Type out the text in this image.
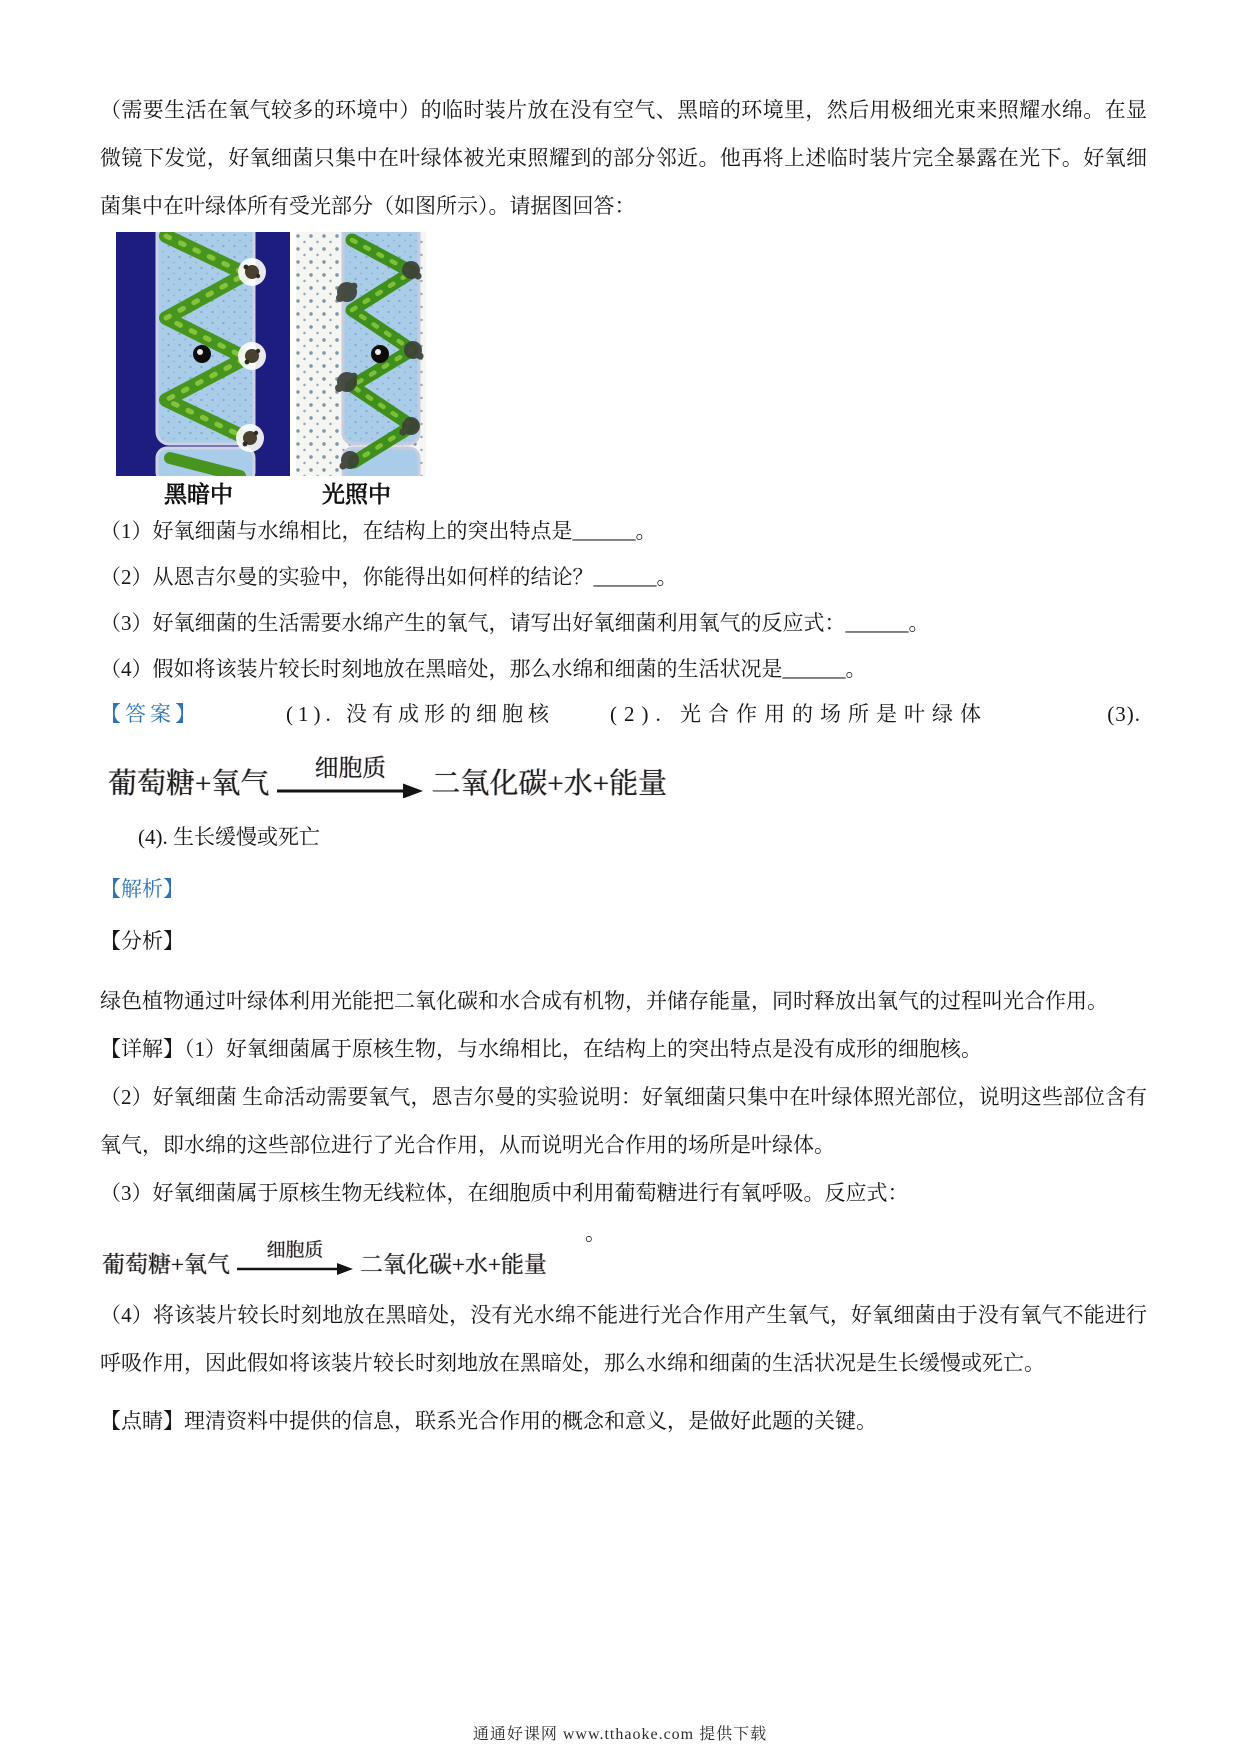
（需要生活在氧气较多的环境中）的临时装片放在没有空气、黑暗的环境里，然后用极细光束来照耀水绵。在显微镜下发觉，好氧细菌只集中在叶绿体被光束照耀到的部分邻近。他再将上述临时装片完全暴露在光下。好氧细菌集中在叶绿体所有受光部分（如图所示）。请据图回答：

黑暗中	光照中

（1）好氧细菌与水绵相比，在结构上的突出特点是______。

（2）从恩吉尔曼的实验中，你能得出如何样的结论？______。

（3）好氧细菌的生活需要水绵产生的氧气，请写出好氧细菌利用氧气的反应式：______。

（4）假如将该装片较长时刻地放在黑暗处，那么水绵和细菌的生活状况是______。

【答案】	(1). 没有成形的细胞核	(2). 光合作用的场所是叶绿体	(3).
葡萄糖+氧气 细胞质 二氧化碳+水+能量

(4). 生长缓慢或死亡

【解析】

【分析】

绿色植物通过叶绿体利用光能把二氧化碳和水合成有机物，并储存能量，同时释放出氧气的过程叫光合作用。

【详解】（1）好氧细菌属于原核生物，与水绵相比，在结构上的突出特点是没有成形的细胞核。

（2）好氧细菌 生命活动需要氧气，恩吉尔曼的实验说明：好氧细菌只集中在叶绿体照光部位，说明这些部位含有氧气，即水绵的这些部位进行了光合作用，从而说明光合作用的场所是叶绿体。

（3）好氧细菌属于原核生物无线粒体，在细胞质中利用葡萄糖进行有氧呼吸。反应式：

葡萄糖+氧气
细胞质
二氧化碳+水+能量
。

（4）将该装片较长时刻地放在黑暗处，没有光水绵不能进行光合作用产生氧气，好氧细菌由于没有氧气不能进行呼吸作用，因此假如将该装片较长时刻地放在黑暗处，那么水绵和细菌的生活状况是生长缓慢或死亡。

【点睛】理清资料中提供的信息，联系光合作用的概念和意义，是做好此题的关键。

通通好课网 www.tthaoke.com 提供下载
